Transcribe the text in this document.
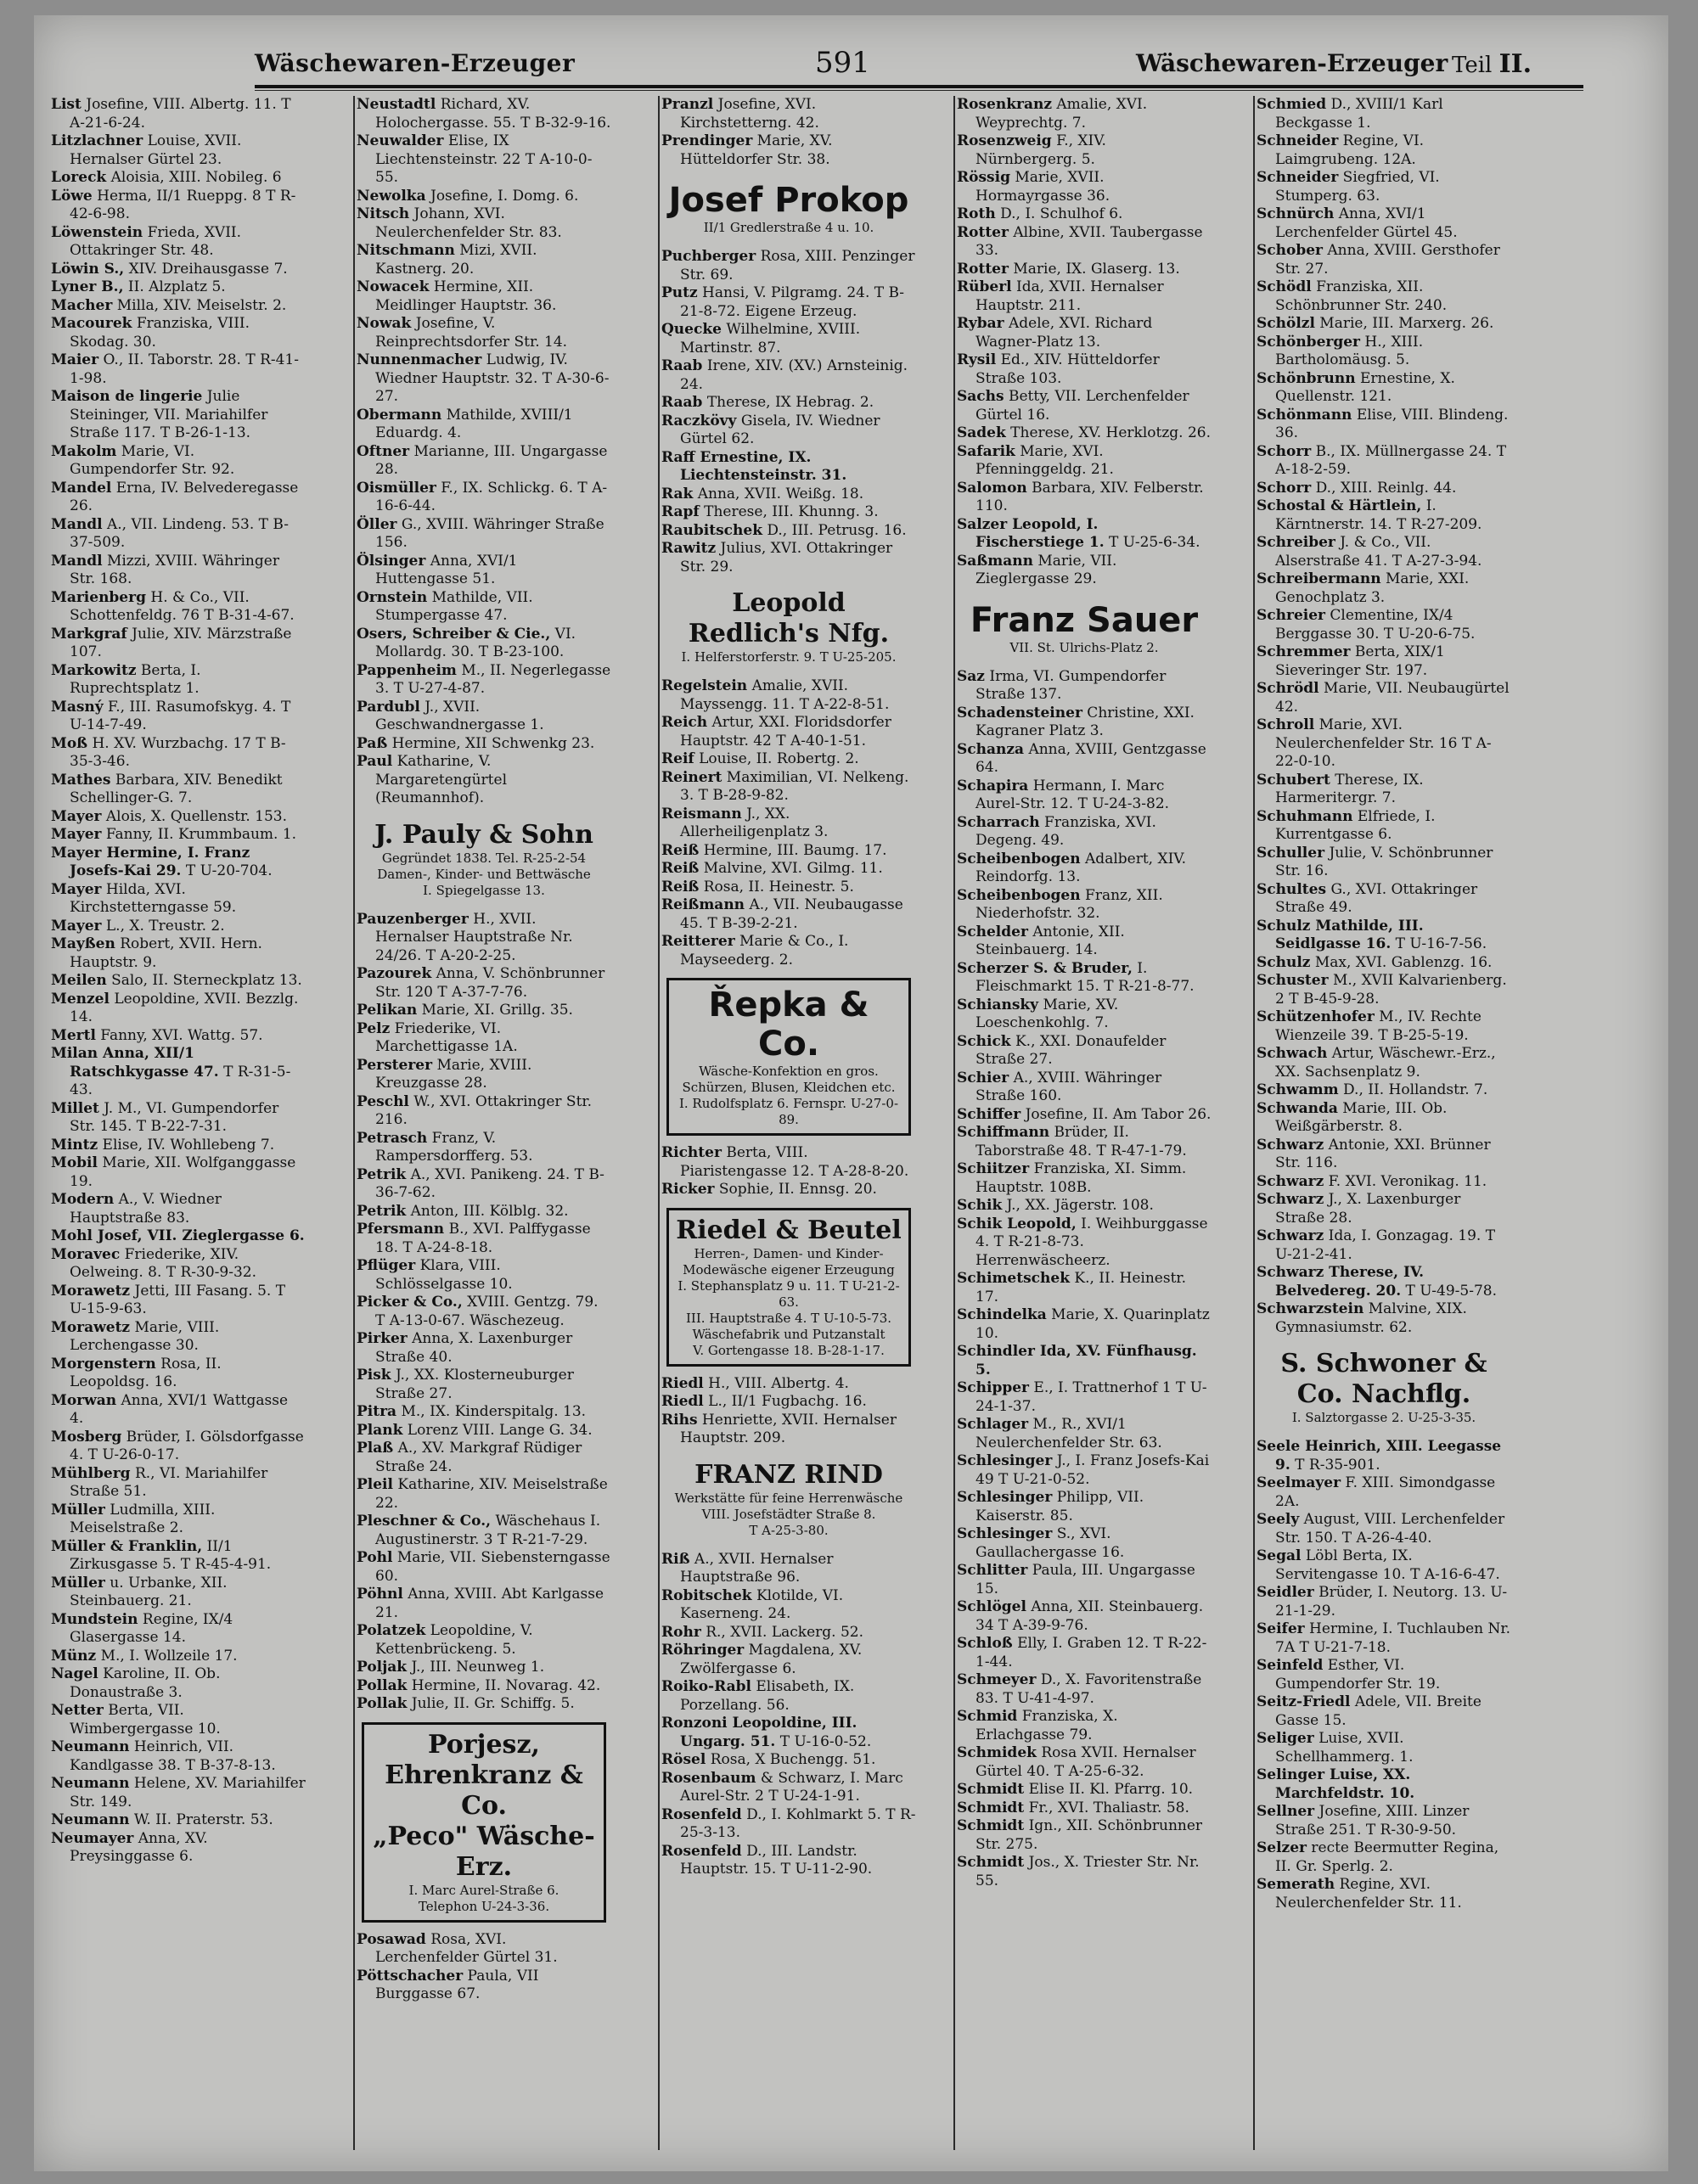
Wäschewaren-Erzeuger	591	Wäschewaren-Erzeuger Teil II.
List Josefine, VIII. Albertg. 11. T A-21-6-24.
Litzlachner Louise, XVII. Hernalser Gürtel 23.
Loreck Aloisia, XIII. Nobileg. 6
Löwe Herma, II/1 Rueppg. 8 T R-42-6-98.
Löwenstein Frieda, XVII. Ottakringer Str. 48.
Löwin S., XIV. Dreihausgasse 7.
Lyner B., II. Alzplatz 5.
Macher Milla, XIV. Meiselstr. 2.
Macourek Franziska, VIII. Skodag. 30.
Maier O., II. Taborstr. 28. T R-41-1-98.
Maison de lingerie Julie Steininger, VII. Mariahilfer Straße 117. T B-26-1-13.
Makolm Marie, VI. Gumpendorfer Str. 92.
Mandel Erna, IV. Belvederegasse 26.
Mandl A., VII. Lindeng. 53. T B-37-509.
Mandl Mizzi, XVIII. Währinger Str. 168.
Marienberg H. & Co., VII. Schottenfeldg. 76 T B-31-4-67.
Markgraf Julie, XIV. Märzstraße 107.
Markowitz Berta, I. Ruprechtsplatz 1.
Masný F., III. Rasumofskyg. 4. T U-14-7-49.
Moß H. XV. Wurzbachg. 17 T B-35-3-46.
Mathes Barbara, XIV. Benedikt Schellinger-G. 7.
Mayer Alois, X. Quellenstr. 153.
Mayer Fanny, II. Krummbaum. 1.
Mayer Hermine, I. Franz Josefs-Kai 29. T U-20-704.
Mayer Hilda, XVI. Kirchstetterngasse 59.
Mayer L., X. Treustr. 2.
Mayßen Robert, XVII. Hern. Hauptstr. 9.
Meilen Salo, II. Sterneckplatz 13.
Menzel Leopoldine, XVII. Bezzlg. 14.
Mertl Fanny, XVI. Wattg. 57.
Milan Anna, XII/1 Ratschkygasse 47. T R-31-5-43.
Millet J. M., VI. Gumpendorfer Str. 145. T B-22-7-31.
Mintz Elise, IV. Wohllebeng 7.
Mobil Marie, XII. Wolfganggasse 19.
Modern A., V. Wiedner Hauptstraße 83.
Mohl Josef, VII. Zieglergasse 6.
Moravec Friederike, XIV. Oelweing. 8. T R-30-9-32.
Morawetz Jetti, III Fasang. 5. T U-15-9-63.
Morawetz Marie, VIII. Lerchengasse 30.
Morgenstern Rosa, II. Leopoldsg. 16.
Morwan Anna, XVI/1 Wattgasse 4.
Mosberg Brüder, I. Gölsdorfgasse 4. T U-26-0-17.
Mühlberg R., VI. Mariahilfer Straße 51.
Müller Ludmilla, XIII. Meiselstraße 2.
Müller & Franklin, II/1 Zirkusgasse 5. T R-45-4-91.
Müller u. Urbanke, XII. Steinbauerg. 21.
Mundstein Regine, IX/4 Glasergasse 14.
Münz M., I. Wollzeile 17.
Nagel Karoline, II. Ob. Donaustraße 3.
Netter Berta, VII. Wimbergergasse 10.
Neumann Heinrich, VII. Kandlgasse 38. T B-37-8-13.
Neumann Helene, XV. Mariahilfer Str. 149.
Neumann W. II. Praterstr. 53.
Neumayer Anna, XV. Preysinggasse 6.
Neustadtl Richard, XV. Holochergasse. 55. T B-32-9-16.
Neuwalder Elise, IX Liechtensteinstr. 22 T A-10-0-55.
Newolka Josefine, I. Domg. 6.
Nitsch Johann, XVI. Neulerchenfelder Str. 83.
Nitschmann Mizi, XVII. Kastnerg. 20.
Nowacek Hermine, XII. Meidlinger Hauptstr. 36.
Nowak Josefine, V. Reinprechtsdorfer Str. 14.
Nunnenmacher Ludwig, IV. Wiedner Hauptstr. 32. T A-30-6-27.
Obermann Mathilde, XVIII/1 Eduardg. 4.
Oftner Marianne, III. Ungargasse 28.
Oismüller F., IX. Schlickg. 6. T A-16-6-44.
Öller G., XVIII. Währinger Straße 156.
Ölsinger Anna, XVI/1 Huttengasse 51.
Ornstein Mathilde, VII. Stumpergasse 47.
Osers, Schreiber & Cie., VI. Mollardg. 30. T B-23-100.
Pappenheim M., II. Negerlegasse 3. T U-27-4-87.
Pardubl J., XVII. Geschwandnergasse 1.
Paß Hermine, XII Schwenkg 23.
Paul Katharine, V. Margaretengürtel (Reumannhof).
J. Pauly & Sohn
Gegründet 1838. Tel. R-25-2-54
Damen-, Kinder- und Bettwäsche
I. Spiegelgasse 13.
Pauzenberger H., XVII. Hernalser Hauptstraße Nr. 24/26. T A-20-2-25.
Pazourek Anna, V. Schönbrunner Str. 120 T A-37-7-76.
Pelikan Marie, XI. Grillg. 35.
Pelz Friederike, VI. Marchettigasse 1A.
Persterer Marie, XVIII. Kreuzgasse 28.
Peschl W., XVI. Ottakringer Str. 216.
Petrasch Franz, V. Rampersdorfferg. 53.
Petrik A., XVI. Panikeng. 24. T B-36-7-62.
Petrik Anton, III. Kölblg. 32.
Pfersmann B., XVI. Palffygasse 18. T A-24-8-18.
Pflüger Klara, VIII. Schlösselgasse 10.
Picker & Co., XVIII. Gentzg. 79. T A-13-0-67. Wäschezeug.
Pirker Anna, X. Laxenburger Straße 40.
Pisk J., XX. Klosterneuburger Straße 27.
Pitra M., IX. Kinderspitalg. 13.
Plank Lorenz VIII. Lange G. 34.
Plaß A., XV. Markgraf Rüdiger Straße 24.
Pleil Katharine, XIV. Meiselstraße 22.
Pleschner & Co., Wäschehaus I. Augustinerstr. 3 T R-21-7-29.
Pohl Marie, VII. Siebensterngasse 60.
Pöhnl Anna, XVIII. Abt Karlgasse 21.
Polatzek Leopoldine, V. Kettenbrückeng. 5.
Poljak J., III. Neunweg 1.
Pollak Hermine, II. Novarag. 42.
Pollak Julie, II. Gr. Schiffg. 5.
Porjesz, Ehrenkranz & Co.
„Peco" Wäsche-Erz.
I. Marc Aurel-Straße 6.
Telephon U-24-3-36.
Posawad Rosa, XVI. Lerchenfelder Gürtel 31.
Pöttschacher Paula, VII Burggasse 67.
Pranzl Josefine, XVI. Kirchstetterng. 42.
Prendinger Marie, XV. Hütteldorfer Str. 38.
Josef Prokop
II/1 Gredlerstraße 4 u. 10.
Puchberger Rosa, XIII. Penzinger Str. 69.
Putz Hansi, V. Pilgramg. 24. T B-21-8-72. Eigene Erzeug.
Quecke Wilhelmine, XVIII. Martinstr. 87.
Raab Irene, XIV. (XV.) Arnsteinig. 24.
Raab Therese, IX Hebrag. 2.
Raczkövy Gisela, IV. Wiedner Gürtel 62.
Raff Ernestine, IX. Liechtensteinstr. 31.
Rak Anna, XVII. Weißg. 18.
Rapf Therese, III. Khunng. 3.
Raubitschek D., III. Petrusg. 16.
Rawitz Julius, XVI. Ottakringer Str. 29.
Leopold Redlich's Nfg.
I. Helferstorferstr. 9. T U-25-205.
Regelstein Amalie, XVII. Mayssengg. 11. T A-22-8-51.
Reich Artur, XXI. Floridsdorfer Hauptstr. 42 T A-40-1-51.
Reif Louise, II. Robertg. 2.
Reinert Maximilian, VI. Nelkeng. 3. T B-28-9-82.
Reismann J., XX. Allerheiligenplatz 3.
Reiß Hermine, III. Baumg. 17.
Reiß Malvine, XVI. Gilmg. 11.
Reiß Rosa, II. Heinestr. 5.
Reißmann A., VII. Neubaugasse 45. T B-39-2-21.
Reitterer Marie & Co., I. Mayseederg. 2.
Řepka & Co.
Wäsche-Konfektion en gros.
Schürzen, Blusen, Kleidchen etc.
I. Rudolfsplatz 6. Fernspr. U-27-0-89.
Richter Berta, VIII. Piaristengasse 12. T A-28-8-20.
Ricker Sophie, II. Ennsg. 20.
Riedel & Beutel
Herren-, Damen- und Kinder-
Modewäsche eigener Erzeugung
I. Stephansplatz 9 u. 11. T U-21-2-63.
III. Hauptstraße 4. T U-10-5-73.
Wäschefabrik und Putzanstalt
V. Gortengasse 18. B-28-1-17.
Riedl H., VIII. Albertg. 4.
Riedl L., II/1 Fugbachg. 16.
Rihs Henriette, XVII. Hernalser Hauptstr. 209.
FRANZ RIND
Werkstätte für feine Herrenwäsche
VIII. Josefstädter Straße 8.
T A-25-3-80.
Riß A., XVII. Hernalser Hauptstraße 96.
Robitschek Klotilde, VI. Kaserneng. 24.
Rohr R., XVII. Lackerg. 52.
Röhringer Magdalena, XV. Zwölfergasse 6.
Roiko-Rabl Elisabeth, IX. Porzellang. 56.
Ronzoni Leopoldine, III. Ungarg. 51. T U-16-0-52.
Rösel Rosa, X Buchengg. 51.
Rosenbaum & Schwarz, I. Marc Aurel-Str. 2 T U-24-1-91.
Rosenfeld D., I. Kohlmarkt 5. T R-25-3-13.
Rosenfeld D., III. Landstr. Hauptstr. 15. T U-11-2-90.
Rosenkranz Amalie, XVI. Weyprechtg. 7.
Rosenzweig F., XIV. Nürnbergerg. 5.
Rössig Marie, XVII. Hormayrgasse 36.
Roth D., I. Schulhof 6.
Rotter Albine, XVII. Taubergasse 33.
Rotter Marie, IX. Glaserg. 13.
Rüberl Ida, XVII. Hernalser Hauptstr. 211.
Rybar Adele, XVI. Richard Wagner-Platz 13.
Rysil Ed., XIV. Hütteldorfer Straße 103.
Sachs Betty, VII. Lerchenfelder Gürtel 16.
Sadek Therese, XV. Herklotzg. 26.
Safarik Marie, XVI. Pfenninggeldg. 21.
Salomon Barbara, XIV. Felberstr. 110.
Salzer Leopold, I. Fischerstiege 1. T U-25-6-34.
Saßmann Marie, VII. Zieglergasse 29.
Franz Sauer
VII. St. Ulrichs-Platz 2.
Saz Irma, VI. Gumpendorfer Straße 137.
Schadensteiner Christine, XXI. Kagraner Platz 3.
Schanza Anna, XVIII, Gentzgasse 64.
Schapira Hermann, I. Marc Aurel-Str. 12. T U-24-3-82.
Scharrach Franziska, XVI. Degeng. 49.
Scheibenbogen Adalbert, XIV. Reindorfg. 13.
Scheibenbogen Franz, XII. Niederhofstr. 32.
Schelder Antonie, XII. Steinbauerg. 14.
Scherzer S. & Bruder, I. Fleischmarkt 15. T R-21-8-77.
Schiansky Marie, XV. Loeschenkohlg. 7.
Schick K., XXI. Donaufelder Straße 27.
Schier A., XVIII. Währinger Straße 160.
Schiffer Josefine, II. Am Tabor 26.
Schiffmann Brüder, II. Taborstraße 48. T R-47-1-79.
Schiitzer Franziska, XI. Simm. Hauptstr. 108B.
Schik J., XX. Jägerstr. 108.
Schik Leopold, I. Weihburggasse 4. T R-21-8-73. Herrenwäscheerz.
Schimetschek K., II. Heinestr. 17.
Schindelka Marie, X. Quarinplatz 10.
Schindler Ida, XV. Fünfhausg. 5.
Schipper E., I. Trattnerhof 1 T U-24-1-37.
Schlager M., R., XVI/1 Neulerchenfelder Str. 63.
Schlesinger J., I. Franz Josefs-Kai 49 T U-21-0-52.
Schlesinger Philipp, VII. Kaiserstr. 85.
Schlesinger S., XVI. Gaullachergasse 16.
Schlitter Paula, III. Ungargasse 15.
Schlögel Anna, XII. Steinbauerg. 34 T A-39-9-76.
Schloß Elly, I. Graben 12. T R-22-1-44.
Schmeyer D., X. Favoritenstraße 83. T U-41-4-97.
Schmid Franziska, X. Erlachgasse 79.
Schmidek Rosa XVII. Hernalser Gürtel 40. T A-25-6-32.
Schmidt Elise II. Kl. Pfarrg. 10.
Schmidt Fr., XVI. Thaliastr. 58.
Schmidt Ign., XII. Schönbrunner Str. 275.
Schmidt Jos., X. Triester Str. Nr. 55.
Schmied D., XVIII/1 Karl Beckgasse 1.
Schneider Regine, VI. Laimgrubeng. 12A.
Schneider Siegfried, VI. Stumperg. 63.
Schnürch Anna, XVI/1 Lerchenfelder Gürtel 45.
Schober Anna, XVIII. Gersthofer Str. 27.
Schödl Franziska, XII. Schönbrunner Str. 240.
Schölzl Marie, III. Marxerg. 26.
Schönberger H., XIII. Bartholomäusg. 5.
Schönbrunn Ernestine, X. Quellenstr. 121.
Schönmann Elise, VIII. Blindeng. 36.
Schorr B., IX. Müllnergasse 24. T A-18-2-59.
Schorr D., XIII. Reinlg. 44.
Schostal & Härtlein, I. Kärntnerstr. 14. T R-27-209.
Schreiber J. & Co., VII. Alserstraße 41. T A-27-3-94.
Schreibermann Marie, XXI. Genochplatz 3.
Schreier Clementine, IX/4 Berggasse 30. T U-20-6-75.
Schremmer Berta, XIX/1 Sieveringer Str. 197.
Schrödl Marie, VII. Neubaugürtel 42.
Schroll Marie, XVI. Neulerchenfelder Str. 16 T A-22-0-10.
Schubert Therese, IX. Harmeritergr. 7.
Schuhmann Elfriede, I. Kurrentgasse 6.
Schuller Julie, V. Schönbrunner Str. 16.
Schultes G., XVI. Ottakringer Straße 49.
Schulz Mathilde, III. Seidlgasse 16. T U-16-7-56.
Schulz Max, XVI. Gablenzg. 16.
Schuster M., XVII Kalvarienberg. 2 T B-45-9-28.
Schützenhofer M., IV. Rechte Wienzeile 39. T B-25-5-19.
Schwach Artur, Wäschewr.-Erz., XX. Sachsenplatz 9.
Schwamm D., II. Hollandstr. 7.
Schwanda Marie, III. Ob. Weißgärberstr. 8.
Schwarz Antonie, XXI. Brünner Str. 116.
Schwarz F. XVI. Veronikag. 11.
Schwarz J., X. Laxenburger Straße 28.
Schwarz Ida, I. Gonzagag. 19. T U-21-2-41.
Schwarz Therese, IV. Belvedereg. 20. T U-49-5-78.
Schwarzstein Malvine, XIX. Gymnasiumstr. 62.
S. Schwoner & Co. Nachflg.
I. Salztorgasse 2. U-25-3-35.
Seele Heinrich, XIII. Leegasse 9. T R-35-901.
Seelmayer F. XIII. Simondgasse 2A.
Seely August, VIII. Lerchenfelder Str. 150. T A-26-4-40.
Segal Löbl Berta, IX. Servitengasse 10. T A-16-6-47.
Seidler Brüder, I. Neutorg. 13. U-21-1-29.
Seifer Hermine, I. Tuchlauben Nr. 7A T U-21-7-18.
Seinfeld Esther, VI. Gumpendorfer Str. 19.
Seitz-Friedl Adele, VII. Breite Gasse 15.
Seliger Luise, XVII. Schellhammerg. 1.
Selinger Luise, XX. Marchfeldstr. 10.
Sellner Josefine, XIII. Linzer Straße 251. T R-30-9-50.
Selzer recte Beermutter Regina, II. Gr. Sperlg. 2.
Semerath Regine, XVI. Neulerchenfelder Str. 11.
